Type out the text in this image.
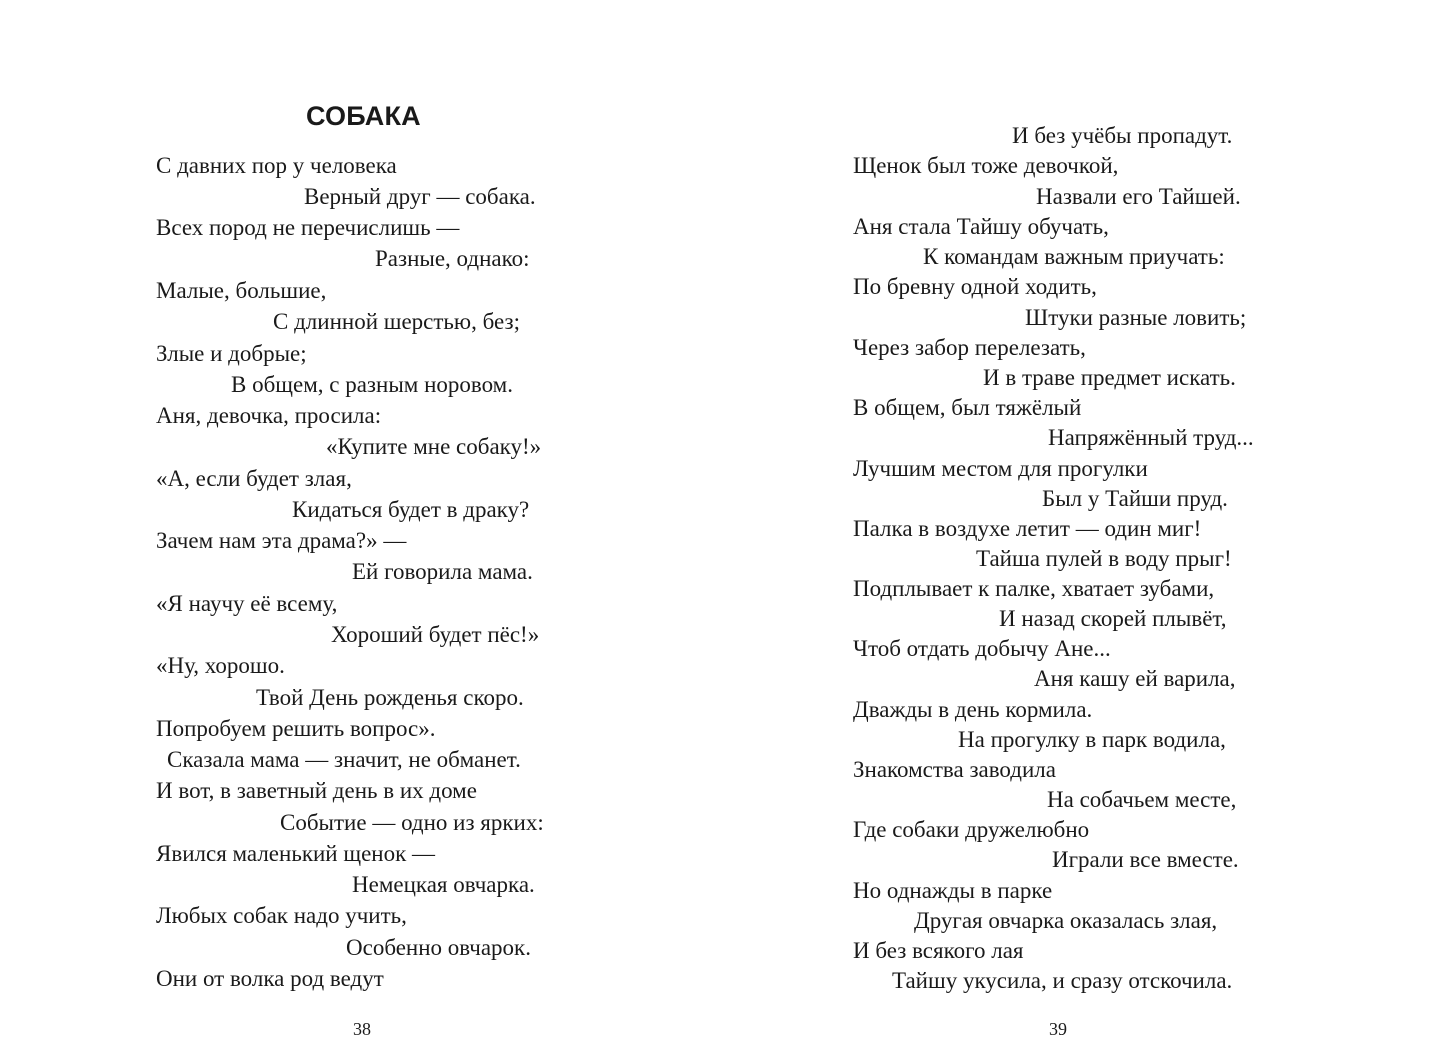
СОБАКА
С давних пор у человека
Верный друг — собака.
Всех пород не перечислишь —
Разные, однако:
Малые, большие,
С длинной шерстью, без;
Злые и добрые;
В общем, с разным норовом.
Аня, девочка, просила:
«Купите мне собаку!»
«А, если будет злая,
Кидаться будет в драку?
Зачем нам эта драма?» —
Ей говорила мама.
«Я научу её всему,
Хороший будет пёс!»
«Ну, хорошо.
Твой День рожденья скоро.
Попробуем решить вопрос».
Сказала мама — значит, не обманет.
И вот, в заветный день в их доме
Событие — одно из ярких:
Явился маленький щенок —
Немецкая овчарка.
Любых собак надо учить,
Особенно овчарок.
Они от волка род ведут
38
И без учёбы пропадут.
Щенок был тоже девочкой,
Назвали его Тайшей.
Аня стала Тайшу обучать,
К командам важным приучать:
По бревну одной ходить,
Штуки разные ловить;
Через забор перелезать,
И в траве предмет искать.
В общем, был тяжёлый
Напряжённый труд...
Лучшим местом для прогулки
Был у Тайши пруд.
Палка в воздухе летит — один миг!
Тайша пулей в воду прыг!
Подплывает к палке, хватает зубами,
И назад скорей плывёт,
Чтоб отдать добычу Ане...
Аня кашу ей варила,
Дважды в день кормила.
На прогулку в парк водила,
Знакомства заводила
На собачьем месте,
Где собаки дружелюбно
Играли все вместе.
Но однажды в парке
Другая овчарка оказалась злая,
И без всякого лая
Тайшу укусила, и сразу отскочила.
39
